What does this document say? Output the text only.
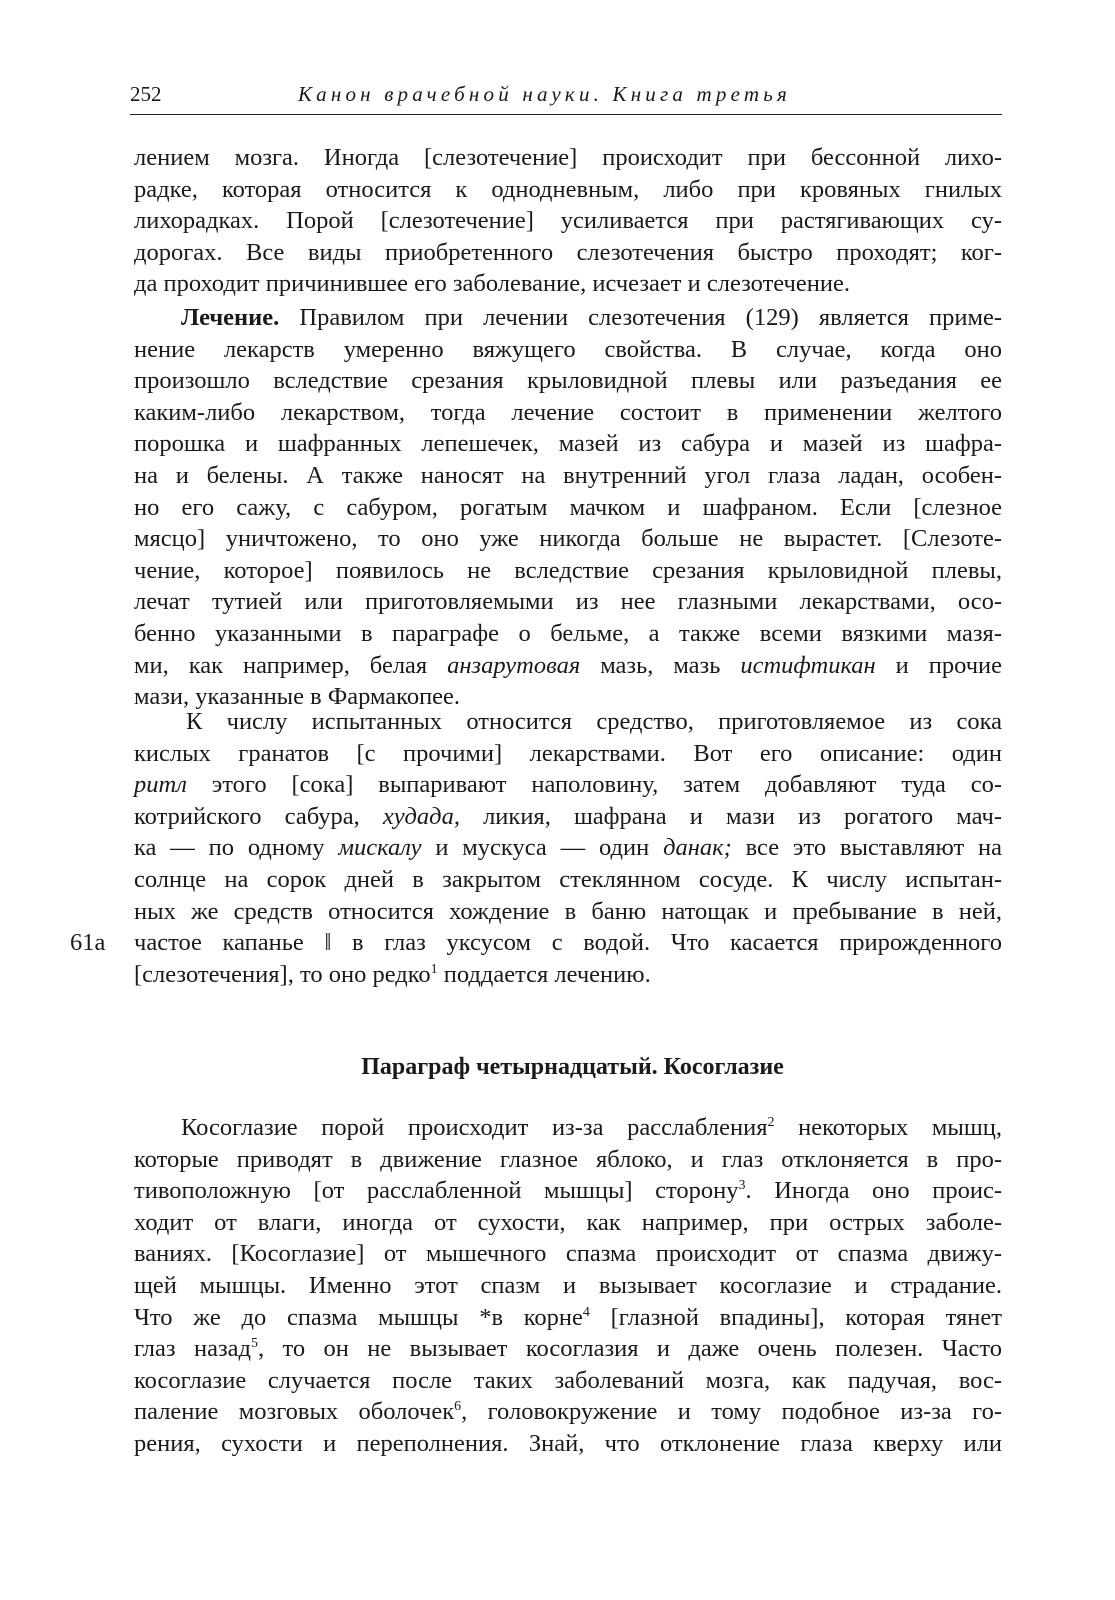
252	Канон врачебной науки. Книга третья
лением мозга. Иногда [слезотечение] происходит при бессонной лихо-
радке, которая относится к однодневным, либо при кровяных гнилых
лихорадках. Порой [слезотечение] усиливается при растягивающих су-
дорогах. Все виды приобретенного слезотечения быстро проходят; ког-
да проходит причинившее его заболевание, исчезает и слезотечение.
Лечение. Правилом при лечении слезотечения (129) является приме-
нение лекарств умеренно вяжущего свойства. В случае, когда оно
произошло вследствие срезания крыловидной плевы или разъедания ее
каким-либо лекарством, тогда лечение состоит в применении желтого
порошка и шафранных лепешечек, мазей из сабура и мазей из шафра-
на и белены. А также наносят на внутренний угол глаза ладан, особен-
но его сажу, с сабуром, рогатым мачком и шафраном. Если [слезное
мясцо] уничтожено, то оно уже никогда больше не вырастет. [Слезоте-
чение, которое] появилось не вследствие срезания крыловидной плевы,
лечат тутией или приготовляемыми из нее глазными лекарствами, осо-
бенно указанными в параграфе о бельме, а также всеми вязкими мазя-
ми, как например, белая анзарутовая мазь, мазь истифтикан и прочие
мази, указанные в Фармакопее.
К числу испытанных относится средство, приготовляемое из сока
кислых гранатов [с прочими] лекарствами. Вот его описание: один
ритл этого [сока] выпаривают наполовину, затем добавляют туда со-
котрийского сабура, худада, ликия, шафрана и мази из рогатого мач-
ка — по одному мискалу и мускуса — один данак; все это выставляют на
солнце на сорок дней в закрытом стеклянном сосуде. К числу испытан-
ных же средств относится хождение в баню натощак и пребывание в ней,
61а частое капанье ‖ в глаз уксусом с водой. Что касается прирожденного
[слезотечения], то оно редко$^1$ поддается лечению.
Параграф четырнадцатый. Косоглазие
Косоглазие порой происходит из-за расслабления$^2$ некоторых мышц,
которые приводят в движение глазное яблоко, и глаз отклоняется в про-
тивоположную [от расслабленной мышцы] сторону$^3$. Иногда оно проис-
ходит от влаги, иногда от сухости, как например, при острых заболе-
ваниях. [Косоглазие] от мышечного спазма происходит от спазма движу-
щей мышцы. Именно этот спазм и вызывает косоглазие и страдание.
Что же до спазма мышцы *в корне$^4$ [глазной впадины], которая тянет
глаз назад$^5$, то он не вызывает косоглазия и даже очень полезен. Часто
косоглазие случается после таких заболеваний мозга, как падучая, вос-
паление мозговых оболочек$^6$, головокружение и тому подобное из-за го-
рения, сухости и переполнения. Знай, что отклонение глаза кверху или
